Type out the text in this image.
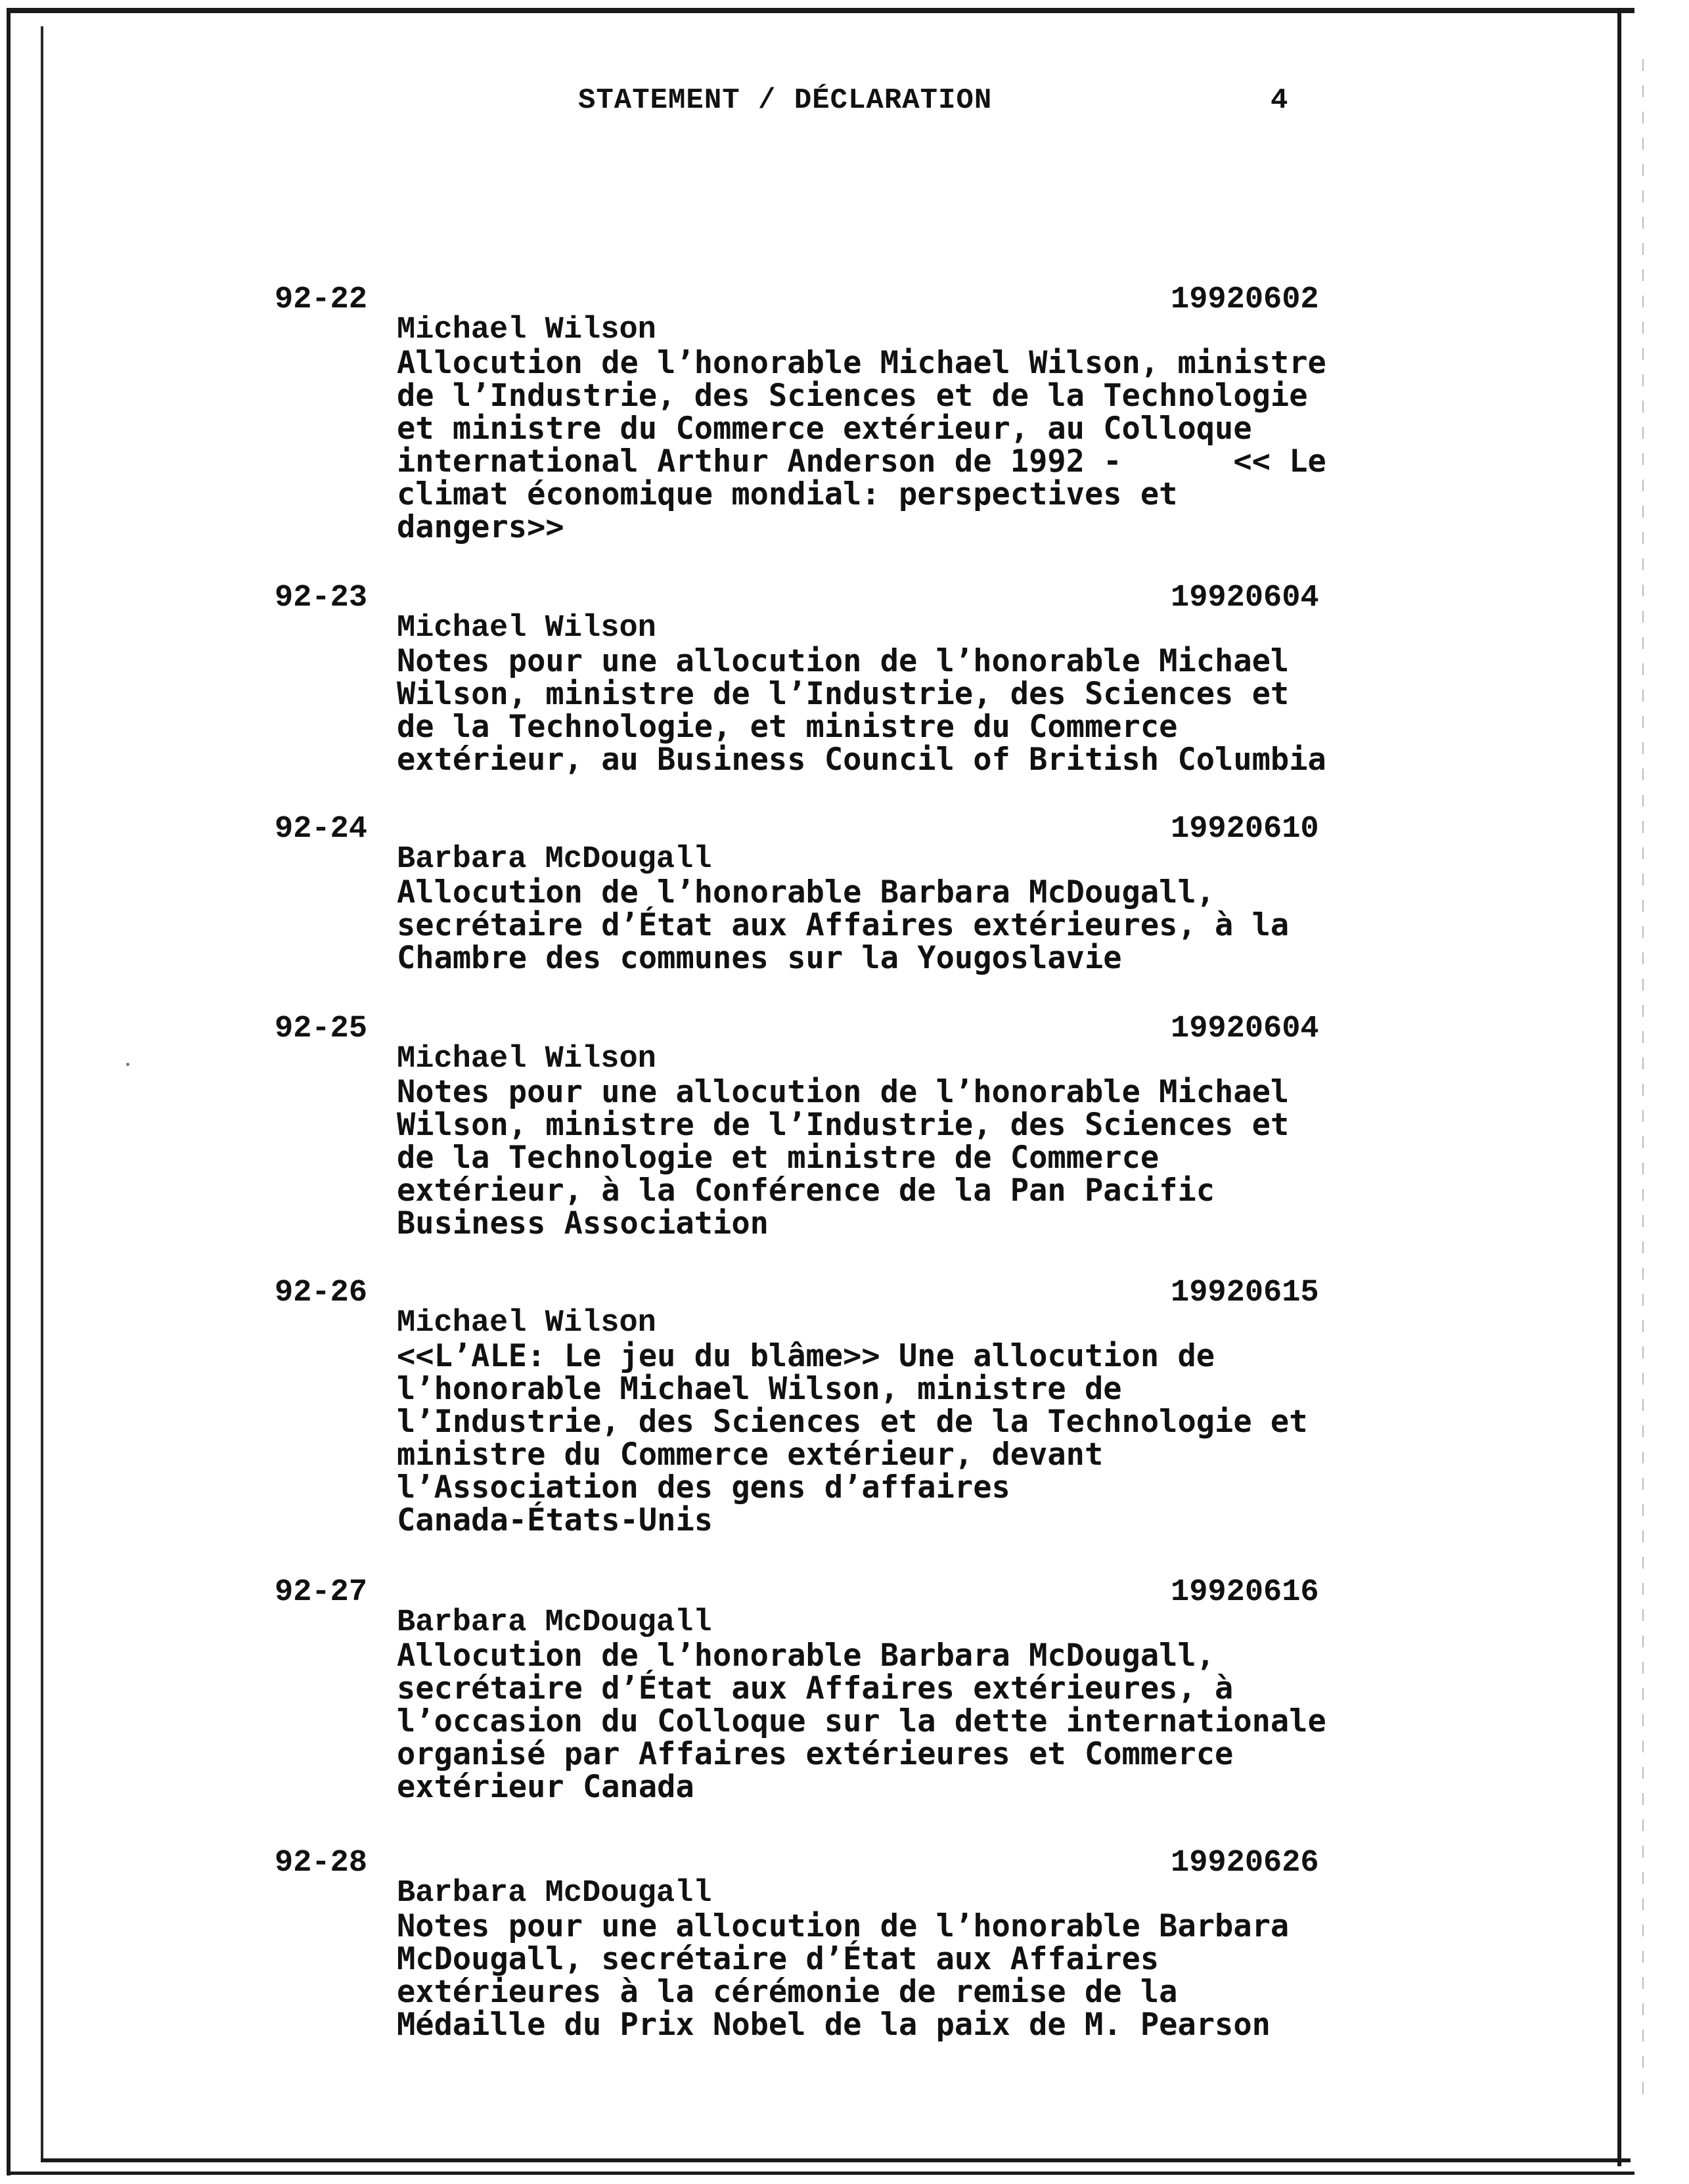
STATEMENT / DÉCLARATION	4
92-22	19920602
Michael Wilson
Allocution de l’honorable Michael Wilson, ministre
de l’Industrie, des Sciences et de la Technologie
et ministre du Commerce extérieur, au Colloque
international Arthur Anderson de 1992 -      << Le
climat économique mondial: perspectives et
dangers>>
92-23	19920604
Michael Wilson
Notes pour une allocution de l’honorable Michael
Wilson, ministre de l’Industrie, des Sciences et
de la Technologie, et ministre du Commerce
extérieur, au Business Council of British Columbia
92-24	19920610
Barbara McDougall
Allocution de l’honorable Barbara McDougall,
secrétaire d’État aux Affaires extérieures, à la
Chambre des communes sur la Yougoslavie
92-25	19920604
Michael Wilson
Notes pour une allocution de l’honorable Michael
Wilson, ministre de l’Industrie, des Sciences et
de la Technologie et ministre de Commerce
extérieur, à la Conférence de la Pan Pacific
Business Association
92-26	19920615
Michael Wilson
<<L’ALE: Le jeu du blâme>> Une allocution de
l’honorable Michael Wilson, ministre de
l’Industrie, des Sciences et de la Technologie et
ministre du Commerce extérieur, devant
l’Association des gens d’affaires
Canada-États-Unis
92-27	19920616
Barbara McDougall
Allocution de l’honorable Barbara McDougall,
secrétaire d’État aux Affaires extérieures, à
l’occasion du Colloque sur la dette internationale
organisé par Affaires extérieures et Commerce
extérieur Canada
92-28	19920626
Barbara McDougall
Notes pour une allocution de l’honorable Barbara
McDougall, secrétaire d’État aux Affaires
extérieures à la cérémonie de remise de la
Médaille du Prix Nobel de la paix de M. Pearson
